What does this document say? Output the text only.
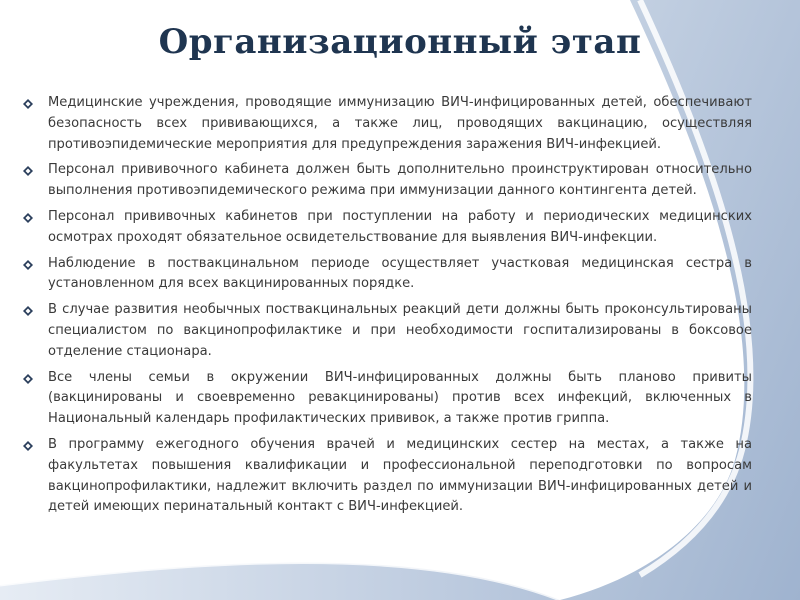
Организационный этап
Медицинские учреждения, проводящие иммунизацию ВИЧ-инфицированных детей, обеспечивают безопасность всех прививающихся, а также лиц, проводящих вакцинацию, осуществляя противоэпидемические мероприятия для предупреждения заражения ВИЧ-инфекцией.
Персонал прививочного кабинета должен быть дополнительно проинструктирован относительно выполнения противоэпидемического режима при иммунизации данного контингента детей.
Персонал прививочных кабинетов при поступлении на работу и периодических медицинских осмотрах проходят обязательное освидетельствование для выявления ВИЧ-инфекции.
Наблюдение в поствакцинальном периоде осуществляет участковая медицинская сестра в установленном для всех вакцинированных порядке.
В случае развития необычных поствакцинальных реакций дети должны быть проконсультированы специалистом по вакцинопрофилактике и при необходимости госпитализированы в боксовое отделение стационара.
Все члены семьи в окружении ВИЧ-инфицированных должны быть планово привиты (вакцинированы и своевременно ревакцинированы) против всех инфекций, включенных в Национальный календарь профилактических прививок, а также против гриппа.
В программу ежегодного обучения врачей и медицинских сестер на местах, а также на факультетах повышения квалификации и профессиональной переподготовки по вопросам вакцинопрофилактики, надлежит включить раздел по иммунизации ВИЧ-инфицированных детей и детей имеющих перинатальный контакт с ВИЧ-инфекцией.
